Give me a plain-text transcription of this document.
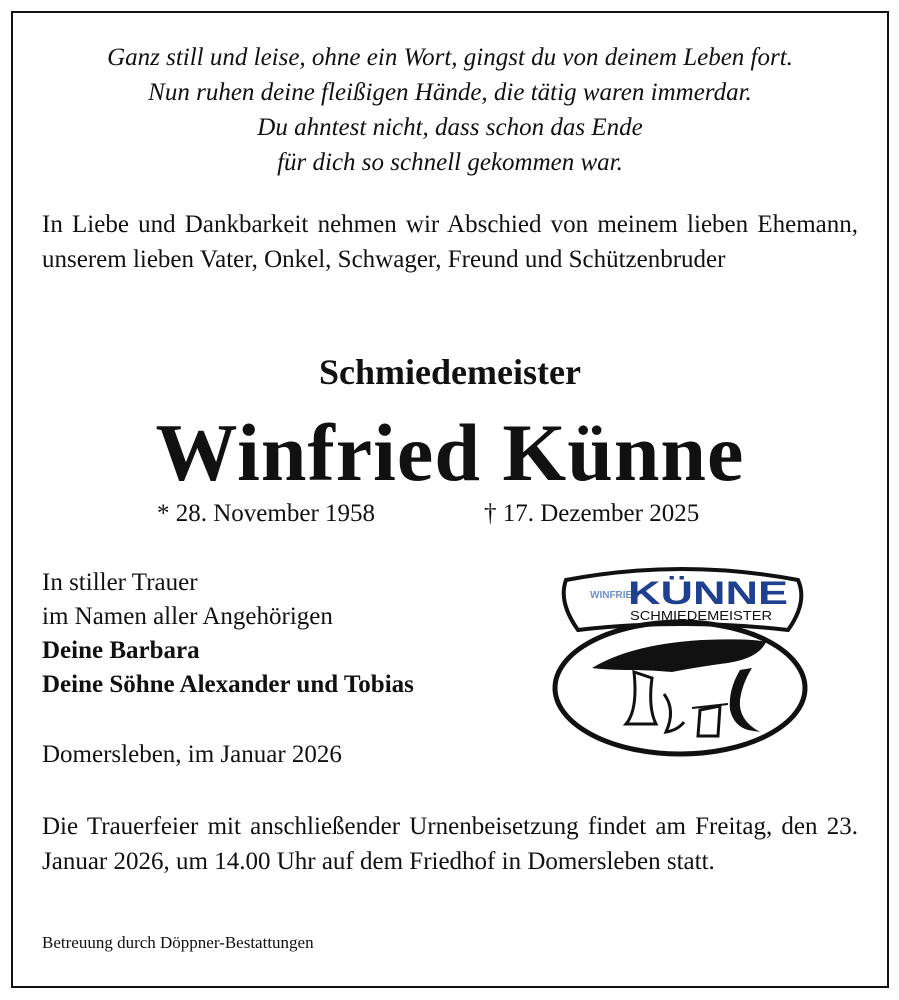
Ganz still und leise, ohne ein Wort, gingst du von deinem Leben fort.
Nun ruhen deine fleißigen Hände, die tätig waren immerdar.
Du ahntest nicht, dass schon das Ende
für dich so schnell gekommen war.
In Liebe und Dankbarkeit nehmen wir Abschied von meinem lieben Ehemann, unserem lieben Vater, Onkel, Schwager, Freund und Schützenbruder
Schmiedemeister
Winfried Künne
* 28. November 1958	† 17. Dezember 2025
In stiller Trauer
im Namen aller Angehörigen
Deine Barbara
Deine Söhne Alexander und Tobias
Domersleben, im Januar 2026
Die Trauerfeier mit anschließender Urnenbeisetzung findet am Freitag, den 23. Januar 2026, um 14.00 Uhr auf dem Friedhof in Domersleben statt.
Betreuung durch Döppner-Bestattungen
WINFRIED
KÜNNE
SCHMIEDEMEISTER
